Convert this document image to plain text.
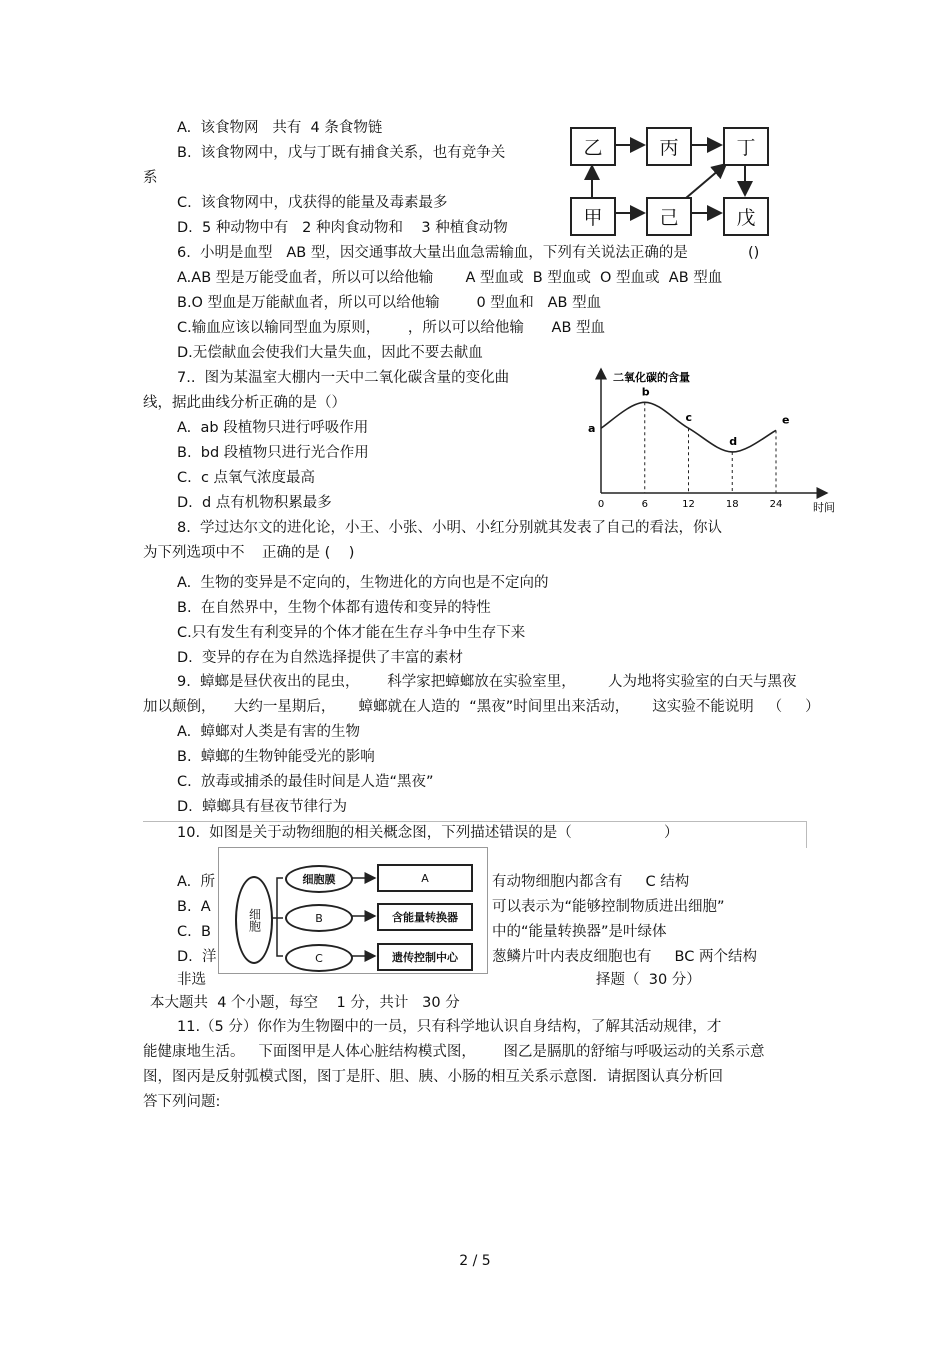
A.  该食物网   共有  4 条食物链
B.  该食物网中，戊与丁既有捕食关系，也有竞争关
系
C.  该食物网中，戊获得的能量及毒素最多
D.  5 种动物中有   2 种肉食动物和    3 种植食动物
乙	丙	丁
甲	己	戊
6.  小明是血型   AB 型，因交通事故大量出血急需输血，下列有关说法正确的是	()
A.AB 型是万能受血者，所以可以给他输       A 型血或  B 型血或  O 型血或  AB 型血
B.O 型血是万能献血者，所以可以给他输        0 型血和   AB 型血
C.输血应该以输同型血为原则，      ，所以可以给他输      AB 型血
D.无偿献血会使我们大量失血，因此不要去献血
7..  图为某温室大棚内一天中二氧化碳含量的变化曲
线，据此曲线分析正确的是（）
A.  ab 段植物只进行呼吸作用
B.  bd 段植物只进行光合作用
C.  c 点氧气浓度最高
D.  d 点有机物积累最多
二氧化碳的含量
时间
a
b
c
d
e
0	6	12	18	24
8.  学过达尔文的进化论，小王、小张、小明、小红分别就其发表了自己的看法，你认
为下列选项中不 正确的是 (    )
A.  生物的变异是不定向的，生物进化的方向也是不定向的
B.  在自然界中，生物个体都有遗传和变异的特性
C.只有发生有利变异的个体才能在生存斗争中生存下来
D.  变异的存在为自然选择提供了丰富的素材
9.  蟑螂是昼伏夜出的昆虫，      科学家把蟑螂放在实验室里，       人为地将实验室的白天与黑夜
加以颠倒，    大约一星期后，     蟑螂就在人造的  “黑夜”时间里出来活动，     这实验不能说明   （     ）
A.  蟑螂对人类是有害的生物
B.  蟑螂的生物钟能受光的影响
C.  放毒或捕杀的最佳时间是人造“黑夜”
D.  蟑螂具有昼夜节律行为
10.  如图是关于动物细胞的相关概念图，下列描述错误的是（                    ）
A.  所	有动物细胞内都含有     C 结构
B.  A	可以表示为“能够控制物质进出细胞”
C.  B	中的“能量转换器”是叶绿体
D.  洋	葱鳞片叶内表皮细胞也有     BC 两个结构
细胞
细胞膜
B
C
A
含能量转换器
遗传控制中心
非选	择题（  30 分）
本大题共  4 个小题，每空    1 分，共计   30 分
11.（5 分）你作为生物圈中的一员，只有科学地认识自身结构，了解其活动规律，才
能健康地生活。   下面图甲是人体心脏结构模式图，      图乙是膈肌的舒缩与呼吸运动的关系示意
图，图丙是反射弧模式图，图丁是肝、胆、胰、小肠的相互关系示意图．请据图认真分析回
答下列问题:
2 / 5
